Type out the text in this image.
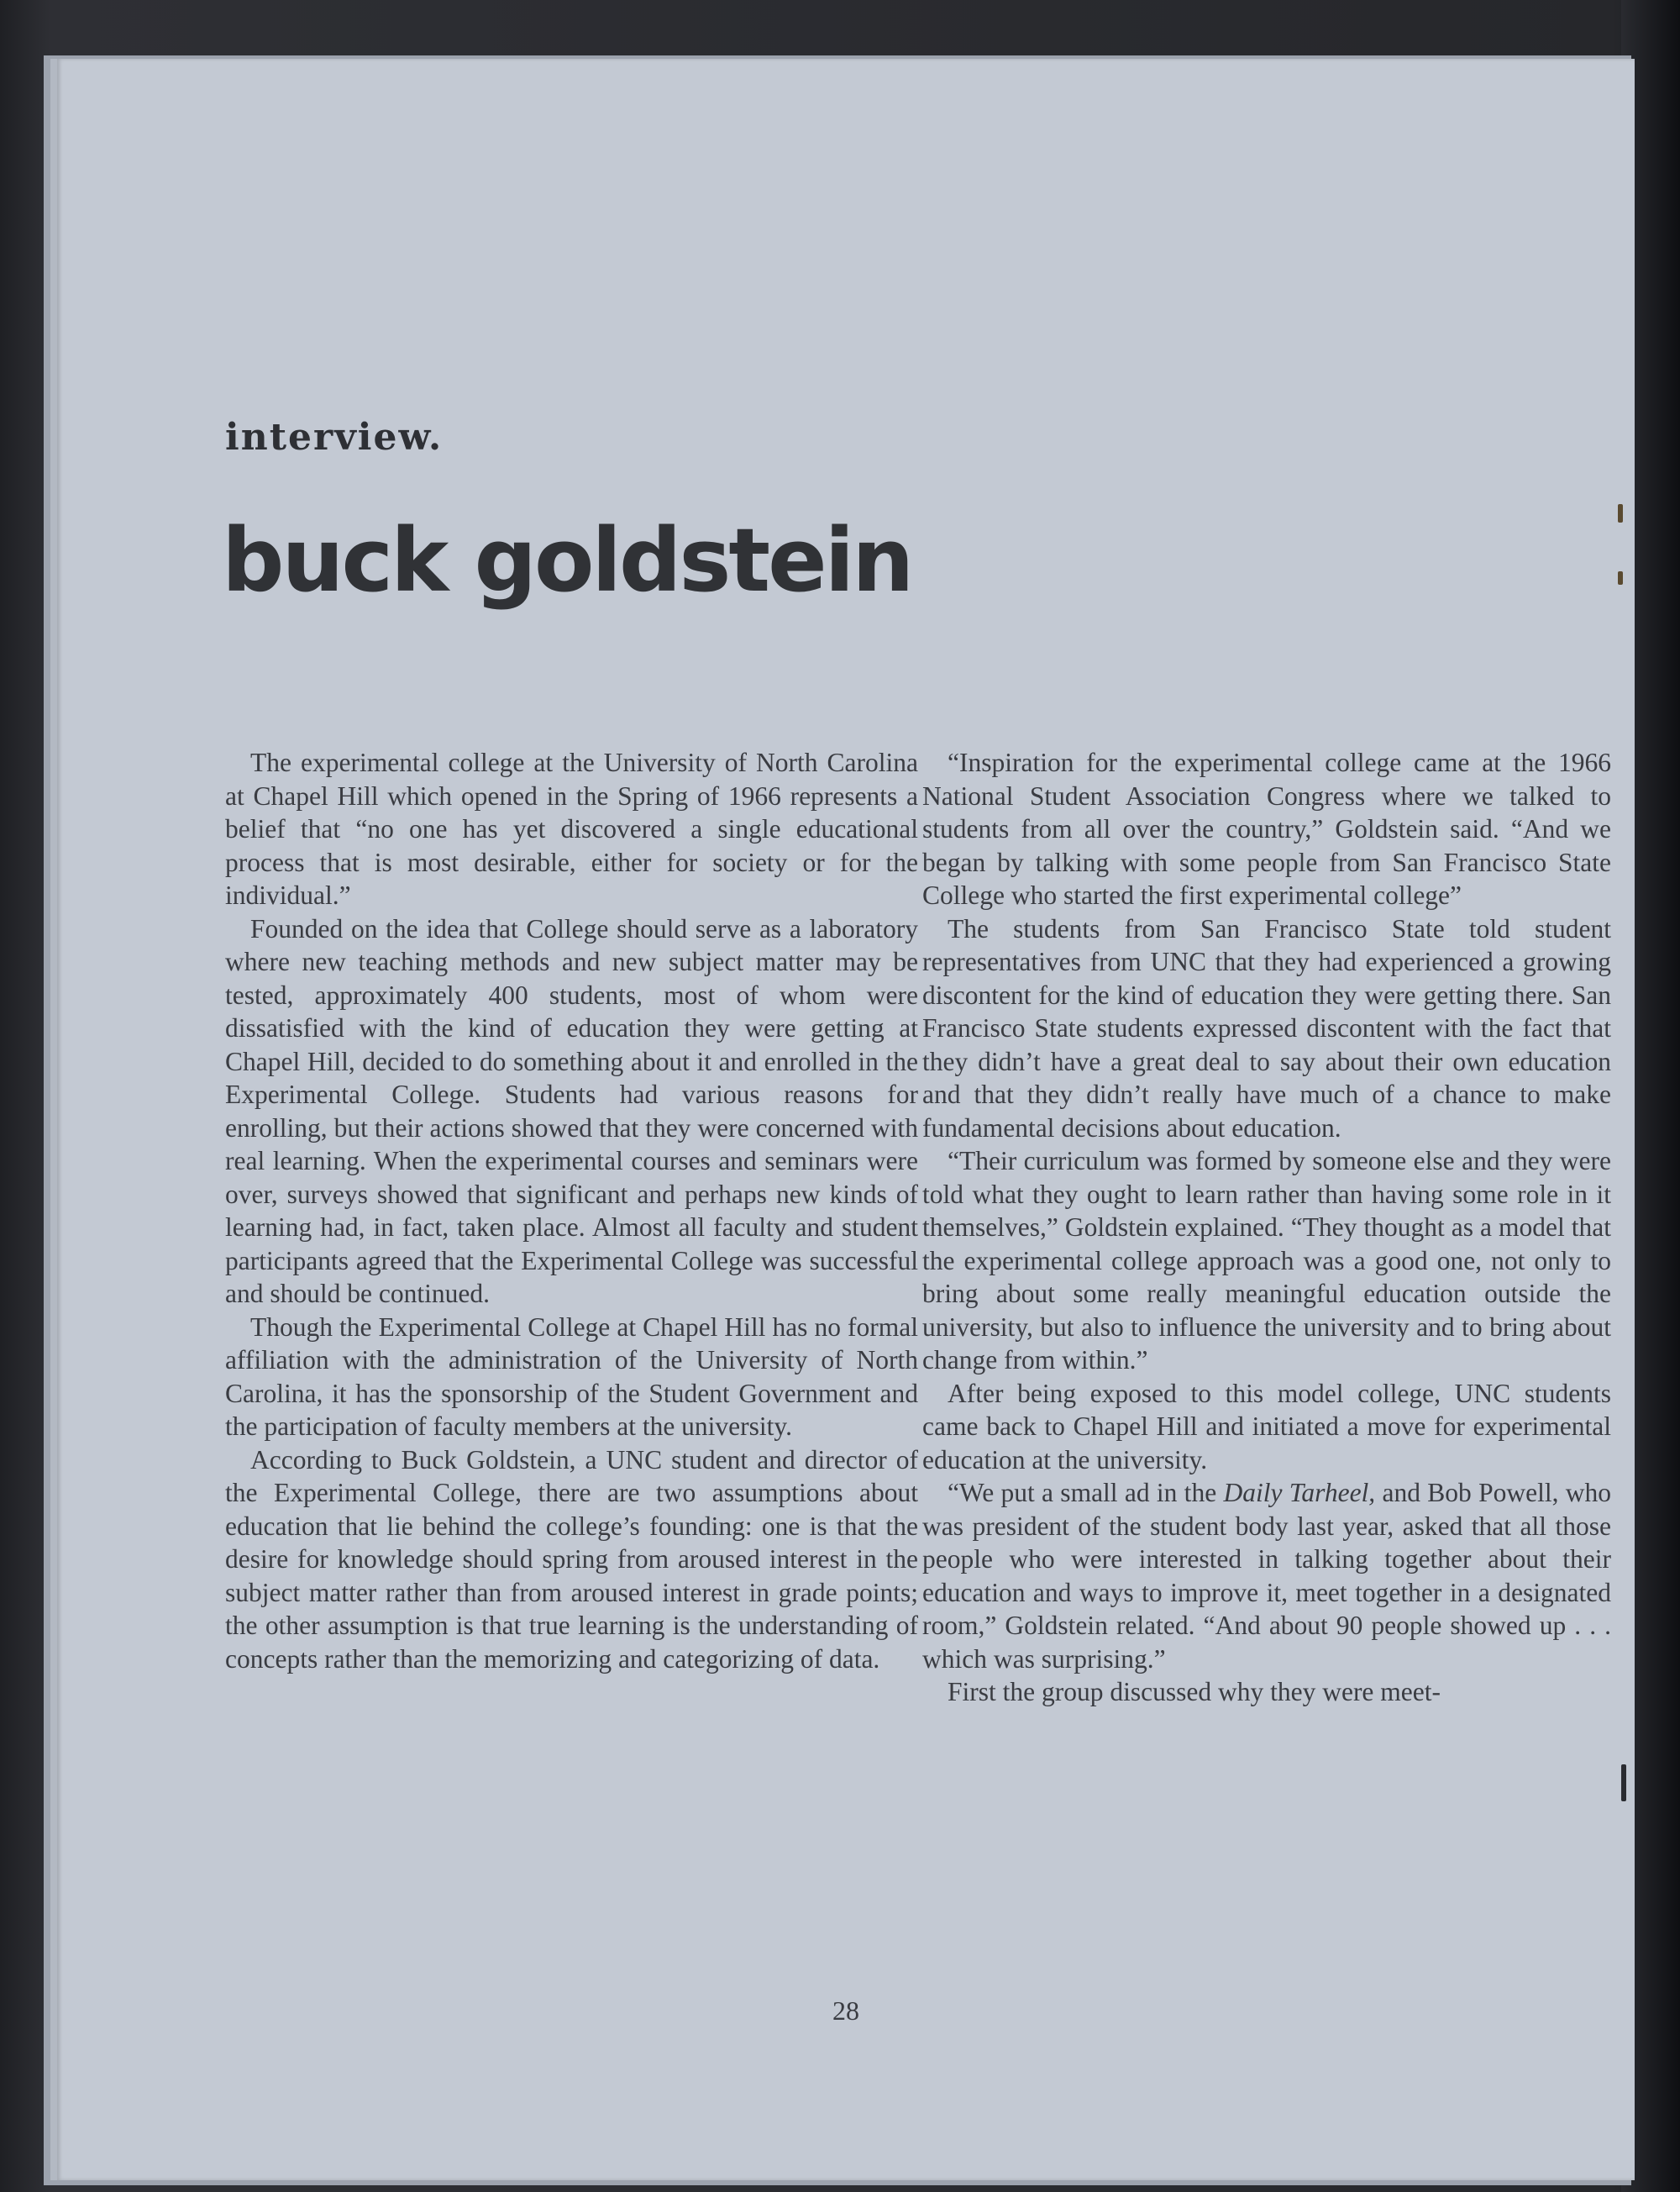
interview.
buck goldstein

The experimental college at the University of North Carolina at Chapel Hill which opened in the Spring of 1966 represents a belief that “no one has yet discovered a single educational process that is most desirable, either for society or for the individual.”

Founded on the idea that College should serve as a laboratory where new teaching methods and new subject matter may be tested, approximately 400 students, most of whom were dissatisfied with the kind of education they were getting at Chapel Hill, decided to do something about it and enrolled in the Experimental College. Students had various reasons for enrolling, but their actions showed that they were concerned with real learning. When the experimental courses and seminars were over, surveys showed that significant and perhaps new kinds of learning had, in fact, taken place. Almost all faculty and student participants agreed that the Experimental College was successful and should be continued.

Though the Experimental College at Chapel Hill has no formal affiliation with the administration of the University of North Carolina, it has the sponsorship of the Student Government and the participation of faculty members at the university.

According to Buck Goldstein, a UNC student and director of the Experimental College, there are two assumptions about education that lie behind the college’s founding: one is that the desire for knowledge should spring from aroused interest in the subject matter rather than from aroused interest in grade points; the other assumption is that true learning is the understanding of concepts rather than the memorizing and categorizing of data.

“Inspiration for the experimental college came at the 1966 National Student Association Congress where we talked to students from all over the country,” Goldstein said. “And we began by talking with some people from San Francisco State College who started the first experimental college”

The students from San Francisco State told student representatives from UNC that they had experienced a growing discontent for the kind of education they were getting there. San Francisco State students expressed discontent with the fact that they didn’t have a great deal to say about their own education and that they didn’t really have much of a chance to make fundamental decisions about education.

“Their curriculum was formed by someone else and they were told what they ought to learn rather than having some role in it themselves,” Goldstein explained. “They thought as a model that the experimental college approach was a good one, not only to bring about some really meaningful education outside the university, but also to influence the university and to bring about change from within.”

After being exposed to this model college, UNC students came back to Chapel Hill and initiated a move for experimental education at the university.

“We put a small ad in the Daily Tarheel, and Bob Powell, who was president of the student body last year, asked that all those people who were interested in talking together about their education and ways to improve it, meet together in a designated room,” Goldstein related. “And about 90 people showed up . . . which was surprising.”

First the group discussed why they were meet-

28
